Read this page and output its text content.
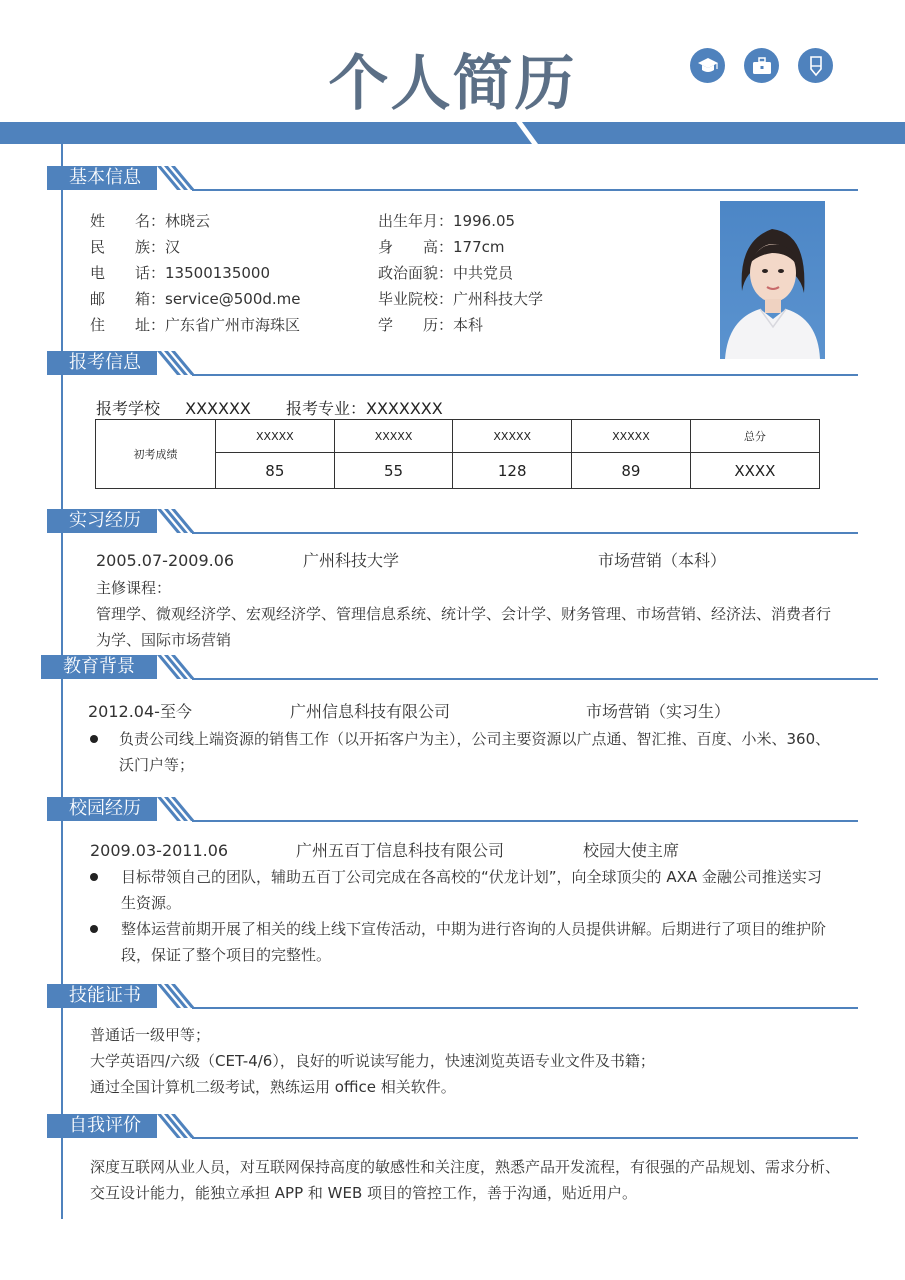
个人简历
基本信息
姓　　名：林晓云
民　　族：汉
电　　话：13500135000
邮　　箱：service@500d.me
住　　址：广东省广州市海珠区
出生年月：1996.05
身　　高：177cm
政治面貌：中共党员
毕业院校：广州科技大学
学　　历：本科
报考信息
报考学校 XXXXXX 报考专业：XXXXXXX
初考成绩	XXXXX	XXXXX	XXXXX	XXXXX	总分
	85	55	128	89	XXXX
实习经历
2005.07-2009.06	广州科技大学	市场营销（本科）
主修课程：
管理学、微观经济学、宏观经济学、管理信息系统、统计学、会计学、财务管理、市场营销、经济法、消费者行
为学、国际市场营销
教育背景
2012.04-至今	广州信息科技有限公司	市场营销（实习生）
负责公司线上端资源的销售工作（以开拓客户为主），公司主要资源以广点通、智汇推、百度、小米、360、
沃门户等；
校园经历
2009.03-2011.06	广州五百丁信息科技有限公司	校园大使主席
目标带领自己的团队，辅助五百丁公司完成在各高校的“伏龙计划”，向全球顶尖的 AXA 金融公司推送实习
生资源。
整体运营前期开展了相关的线上线下宣传活动，中期为进行咨询的人员提供讲解。后期进行了项目的维护阶
段，保证了整个项目的完整性。
技能证书
普通话一级甲等；
大学英语四/六级（CET-4/6），良好的听说读写能力，快速浏览英语专业文件及书籍；
通过全国计算机二级考试，熟练运用 office 相关软件。
自我评价
深度互联网从业人员，对互联网保持高度的敏感性和关注度，熟悉产品开发流程，有很强的产品规划、需求分析、
交互设计能力，能独立承担 APP 和 WEB 项目的管控工作，善于沟通，贴近用户。
